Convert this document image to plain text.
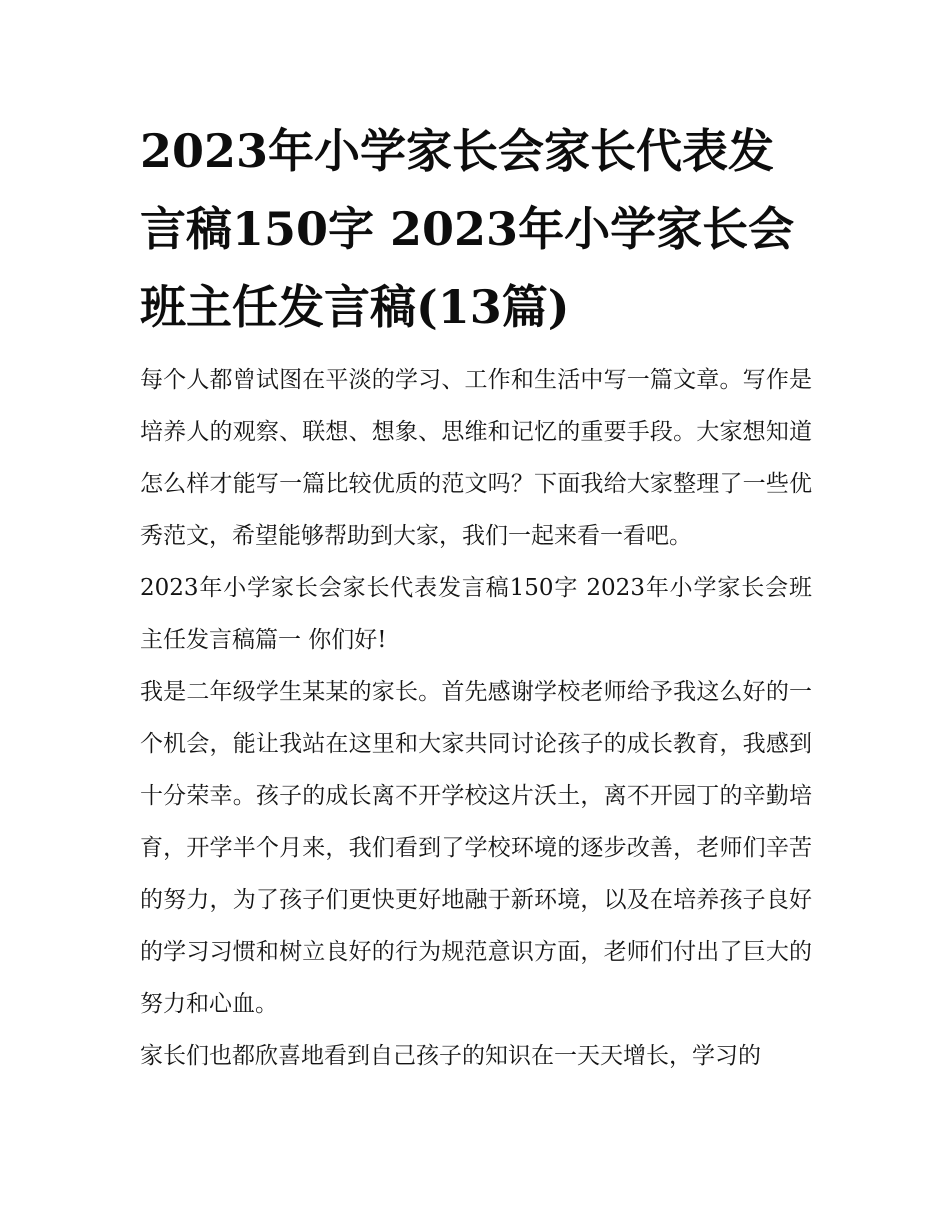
2023年小学家长会家长代表发言稿150字 2023年小学家长会班主任发言稿(13篇)

每个人都曾试图在平淡的学习、工作和生活中写一篇文章。写作是培养人的观察、联想、想象、思维和记忆的重要手段。大家想知道怎么样才能写一篇比较优质的范文吗？下面我给大家整理了一些优秀范文，希望能够帮助到大家，我们一起来看一看吧。

2023年小学家长会家长代表发言稿150字 2023年小学家长会班主任发言稿篇一 你们好!

我是二年级学生某某的家长。首先感谢学校老师给予我这么好的一个机会，能让我站在这里和大家共同讨论孩子的成长教育，我感到十分荣幸。孩子的成长离不开学校这片沃土，离不开园丁的辛勤培育，开学半个月来，我们看到了学校环境的逐步改善，老师们辛苦的努力，为了孩子们更快更好地融于新环境，以及在培养孩子良好的学习习惯和树立良好的行为规范意识方面，老师们付出了巨大的努力和心血。

家长们也都欣喜地看到自己孩子的知识在一天天增长，学习的
